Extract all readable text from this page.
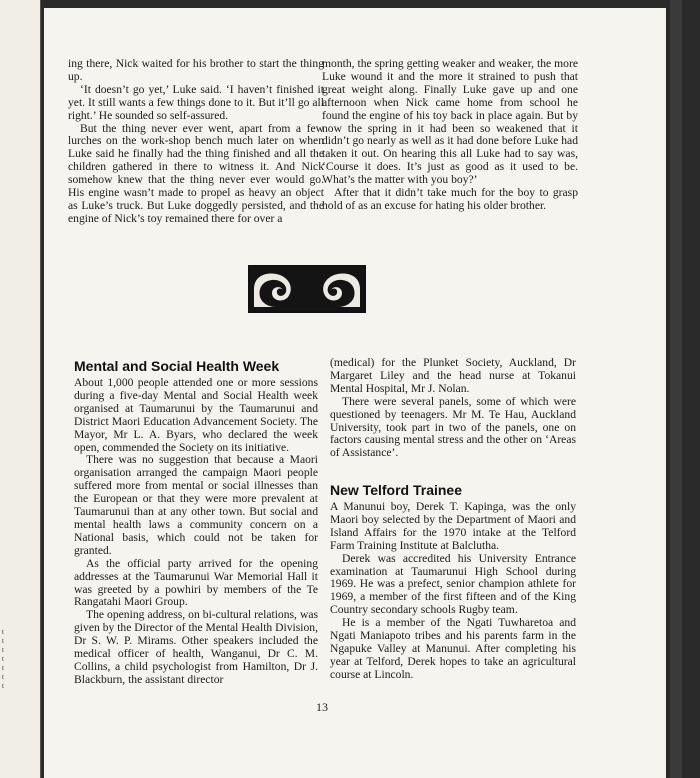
t
t
t
t
t
t
t

ing there, Nick waited for his brother to start the thing up.

‘It doesn’t go yet,’ Luke said. ‘I haven’t finished it yet. It still wants a few things done to it. But it’ll go all right.’ He sounded so self-assured.

But the thing never ever went, apart from a few lurches on the work-shop bench much later on when Luke said he finally had the thing finished and all the children gathered in there to witness it. And Nick somehow knew that the thing never ever would go. His engine wasn’t made to propel as heavy an object as Luke’s truck. But Luke doggedly persisted, and the engine of Nick’s toy remained there for over a

month, the spring getting weaker and weaker, the more Luke wound it and the more it strained to push that great weight along. Finally Luke gave up and one afternoon when Nick came home from school he found the engine of his toy back in place again. But by now the spring in it had been so weakened that it didn’t go nearly as well as it had done before Luke had taken it out. On hearing this all Luke had to say was, ‘Course it does. It’s just as good as it used to be. What’s the matter with you boy?’

After that it didn’t take much for the boy to grasp hold of as an excuse for hating his older brother.

Mental and Social Health Week

About 1,000 people attended one or more sessions during a five-day Mental and Social Health week organised at Taumarunui by the Taumarunui and District Maori Education Advancement Society. The Mayor, Mr L. A. Byars, who declared the week open, commended the Society on its initiative.

There was no suggestion that because a Maori organisation arranged the campaign Maori people suffered more from mental or social illnesses than the European or that they were more prevalent at Taumarunui than at any other town. But social and mental health laws a community concern on a National basis, which could not be taken for granted.

As the official party arrived for the opening addresses at the Taumarunui War Memorial Hall it was greeted by a powhiri by members of the Te Rangatahi Maori Group.

The opening address, on bi-cultural relations, was given by the Director of the Mental Health Division, Dr S. W. P. Mirams. Other speakers included the medical officer of health, Wanganui, Dr C. M. Collins, a child psychologist from Hamilton, Dr J. Blackburn, the assistant director

(medical) for the Plunket Society, Auckland, Dr Margaret Liley and the head nurse at Tokanui Mental Hospital, Mr J. Nolan.

There were several panels, some of which were questioned by teenagers. Mr M. Te Hau, Auckland University, took part in two of the panels, one on factors causing mental stress and the other on ‘Areas of Assistance’.

New Telford Trainee

A Manunui boy, Derek T. Kapinga, was the only Maori boy selected by the Department of Maori and Island Affairs for the 1970 intake at the Telford Farm Training Institute at Balclutha.

Derek was accredited his University Entrance examination at Taumarunui High School during 1969. He was a prefect, senior champion athlete for 1969, a member of the first fifteen and of the King Country secondary schools Rugby team.

He is a member of the Ngati Tuwharetoa and Ngati Maniapoto tribes and his parents farm in the Ngapuke Valley at Manunui. After completing his year at Telford, Derek hopes to take an agricultural course at Lincoln.

13
